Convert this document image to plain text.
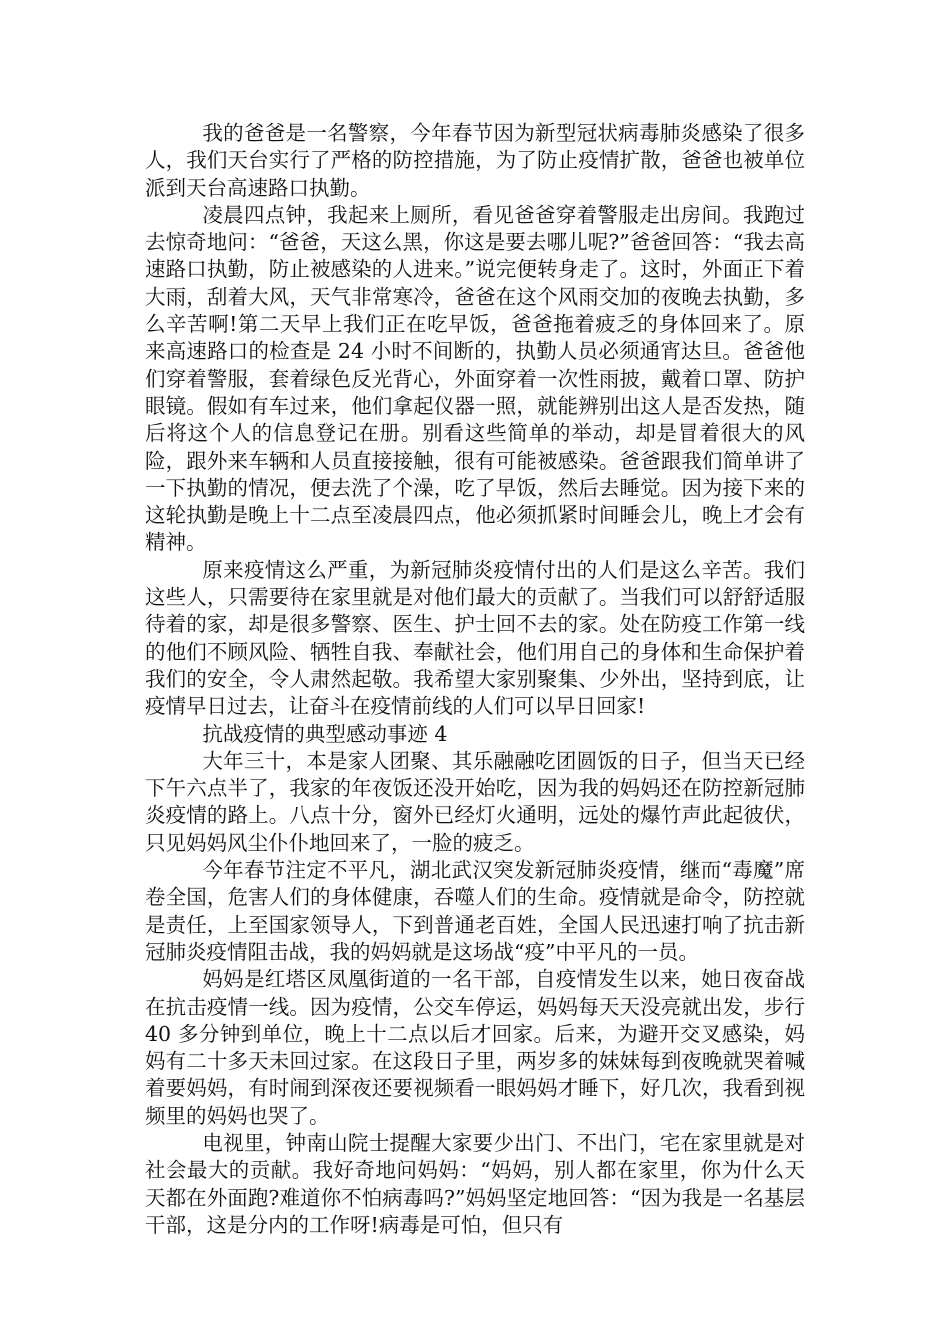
我的爸爸是一名警察，今年春节因为新型冠状病毒肺炎感染了很多人，我们天台实行了严格的防控措施，为了防止疫情扩散，爸爸也被单位派到天台高速路口执勤。

凌晨四点钟，我起来上厕所，看见爸爸穿着警服走出房间。我跑过去惊奇地问：“爸爸，天这么黑，你这是要去哪儿呢?”爸爸回答：“我去高速路口执勤，防止被感染的人进来。”说完便转身走了。这时，外面正下着大雨，刮着大风，天气非常寒冷，爸爸在这个风雨交加的夜晚去执勤，多么辛苦啊!第二天早上我们正在吃早饭，爸爸拖着疲乏的身体回来了。原来高速路口的检查是 24 小时不间断的，执勤人员必须通宵达旦。爸爸他们穿着警服，套着绿色反光背心，外面穿着一次性雨披，戴着口罩、防护眼镜。假如有车过来，他们拿起仪器一照，就能辨别出这人是否发热，随后将这个人的信息登记在册。别看这些简单的举动，却是冒着很大的风险，跟外来车辆和人员直接接触，很有可能被感染。爸爸跟我们简单讲了一下执勤的情况，便去洗了个澡，吃了早饭，然后去睡觉。因为接下来的这轮执勤是晚上十二点至凌晨四点，他必须抓紧时间睡会儿，晚上才会有精神。

原来疫情这么严重，为新冠肺炎疫情付出的人们是这么辛苦。我们这些人，只需要待在家里就是对他们最大的贡献了。当我们可以舒舒适服待着的家，却是很多警察、医生、护士回不去的家。处在防疫工作第一线的他们不顾风险、牺牲自我、奉献社会，他们用自己的身体和生命保护着我们的安全，令人肃然起敬。我希望大家别聚集、少外出，坚持到底，让疫情早日过去，让奋斗在疫情前线的人们可以早日回家!

抗战疫情的典型感动事迹 4

大年三十，本是家人团聚、其乐融融吃团圆饭的日子，但当天已经下午六点半了，我家的年夜饭还没开始吃，因为我的妈妈还在防控新冠肺炎疫情的路上。八点十分，窗外已经灯火通明，远处的爆竹声此起彼伏，只见妈妈风尘仆仆地回来了，一脸的疲乏。

今年春节注定不平凡，湖北武汉突发新冠肺炎疫情，继而“毒魔”席卷全国，危害人们的身体健康，吞噬人们的生命。疫情就是命令，防控就是责任，上至国家领导人，下到普通老百姓，全国人民迅速打响了抗击新冠肺炎疫情阻击战，我的妈妈就是这场战“疫”中平凡的一员。

妈妈是红塔区凤凰街道的一名干部，自疫情发生以来，她日夜奋战在抗击疫情一线。因为疫情，公交车停运，妈妈每天天没亮就出发，步行 40 多分钟到单位，晚上十二点以后才回家。后来，为避开交叉感染，妈妈有二十多天未回过家。在这段日子里，两岁多的妹妹每到夜晚就哭着喊着要妈妈，有时闹到深夜还要视频看一眼妈妈才睡下，好几次，我看到视频里的妈妈也哭了。

电视里，钟南山院士提醒大家要少出门、不出门，宅在家里就是对社会最大的贡献。我好奇地问妈妈：“妈妈，别人都在家里，你为什么天天都在外面跑?难道你不怕病毒吗?”妈妈坚定地回答：“因为我是一名基层干部，这是分内的工作呀!病毒是可怕，但只有
